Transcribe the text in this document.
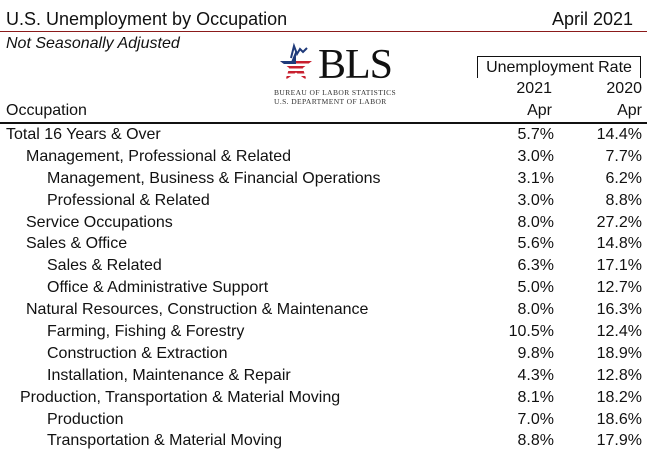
U.S. Unemployment by Occupation	April 2021
Not Seasonally Adjusted	BLS
BUREAU OF LABOR STATISTICS
U.S. DEPARTMENT OF LABOR
Unemployment Rate
2021	2020
Apr	Apr
Occupation
Total 16 Years & Over	5.7%	14.4%
Management, Professional & Related	3.0%	7.7%
Management, Business & Financial Operations	3.1%	6.2%
Professional & Related	3.0%	8.8%
Service Occupations	8.0%	27.2%
Sales & Office	5.6%	14.8%
Sales & Related	6.3%	17.1%
Office & Administrative Support	5.0%	12.7%
Natural Resources, Construction & Maintenance	8.0%	16.3%
Farming, Fishing & Forestry	10.5%	12.4%
Construction & Extraction	9.8%	18.9%
Installation, Maintenance & Repair	4.3%	12.8%
Production, Transportation & Material Moving	8.1%	18.2%
Production	7.0%	18.6%
Transportation & Material Moving	8.8%	17.9%
